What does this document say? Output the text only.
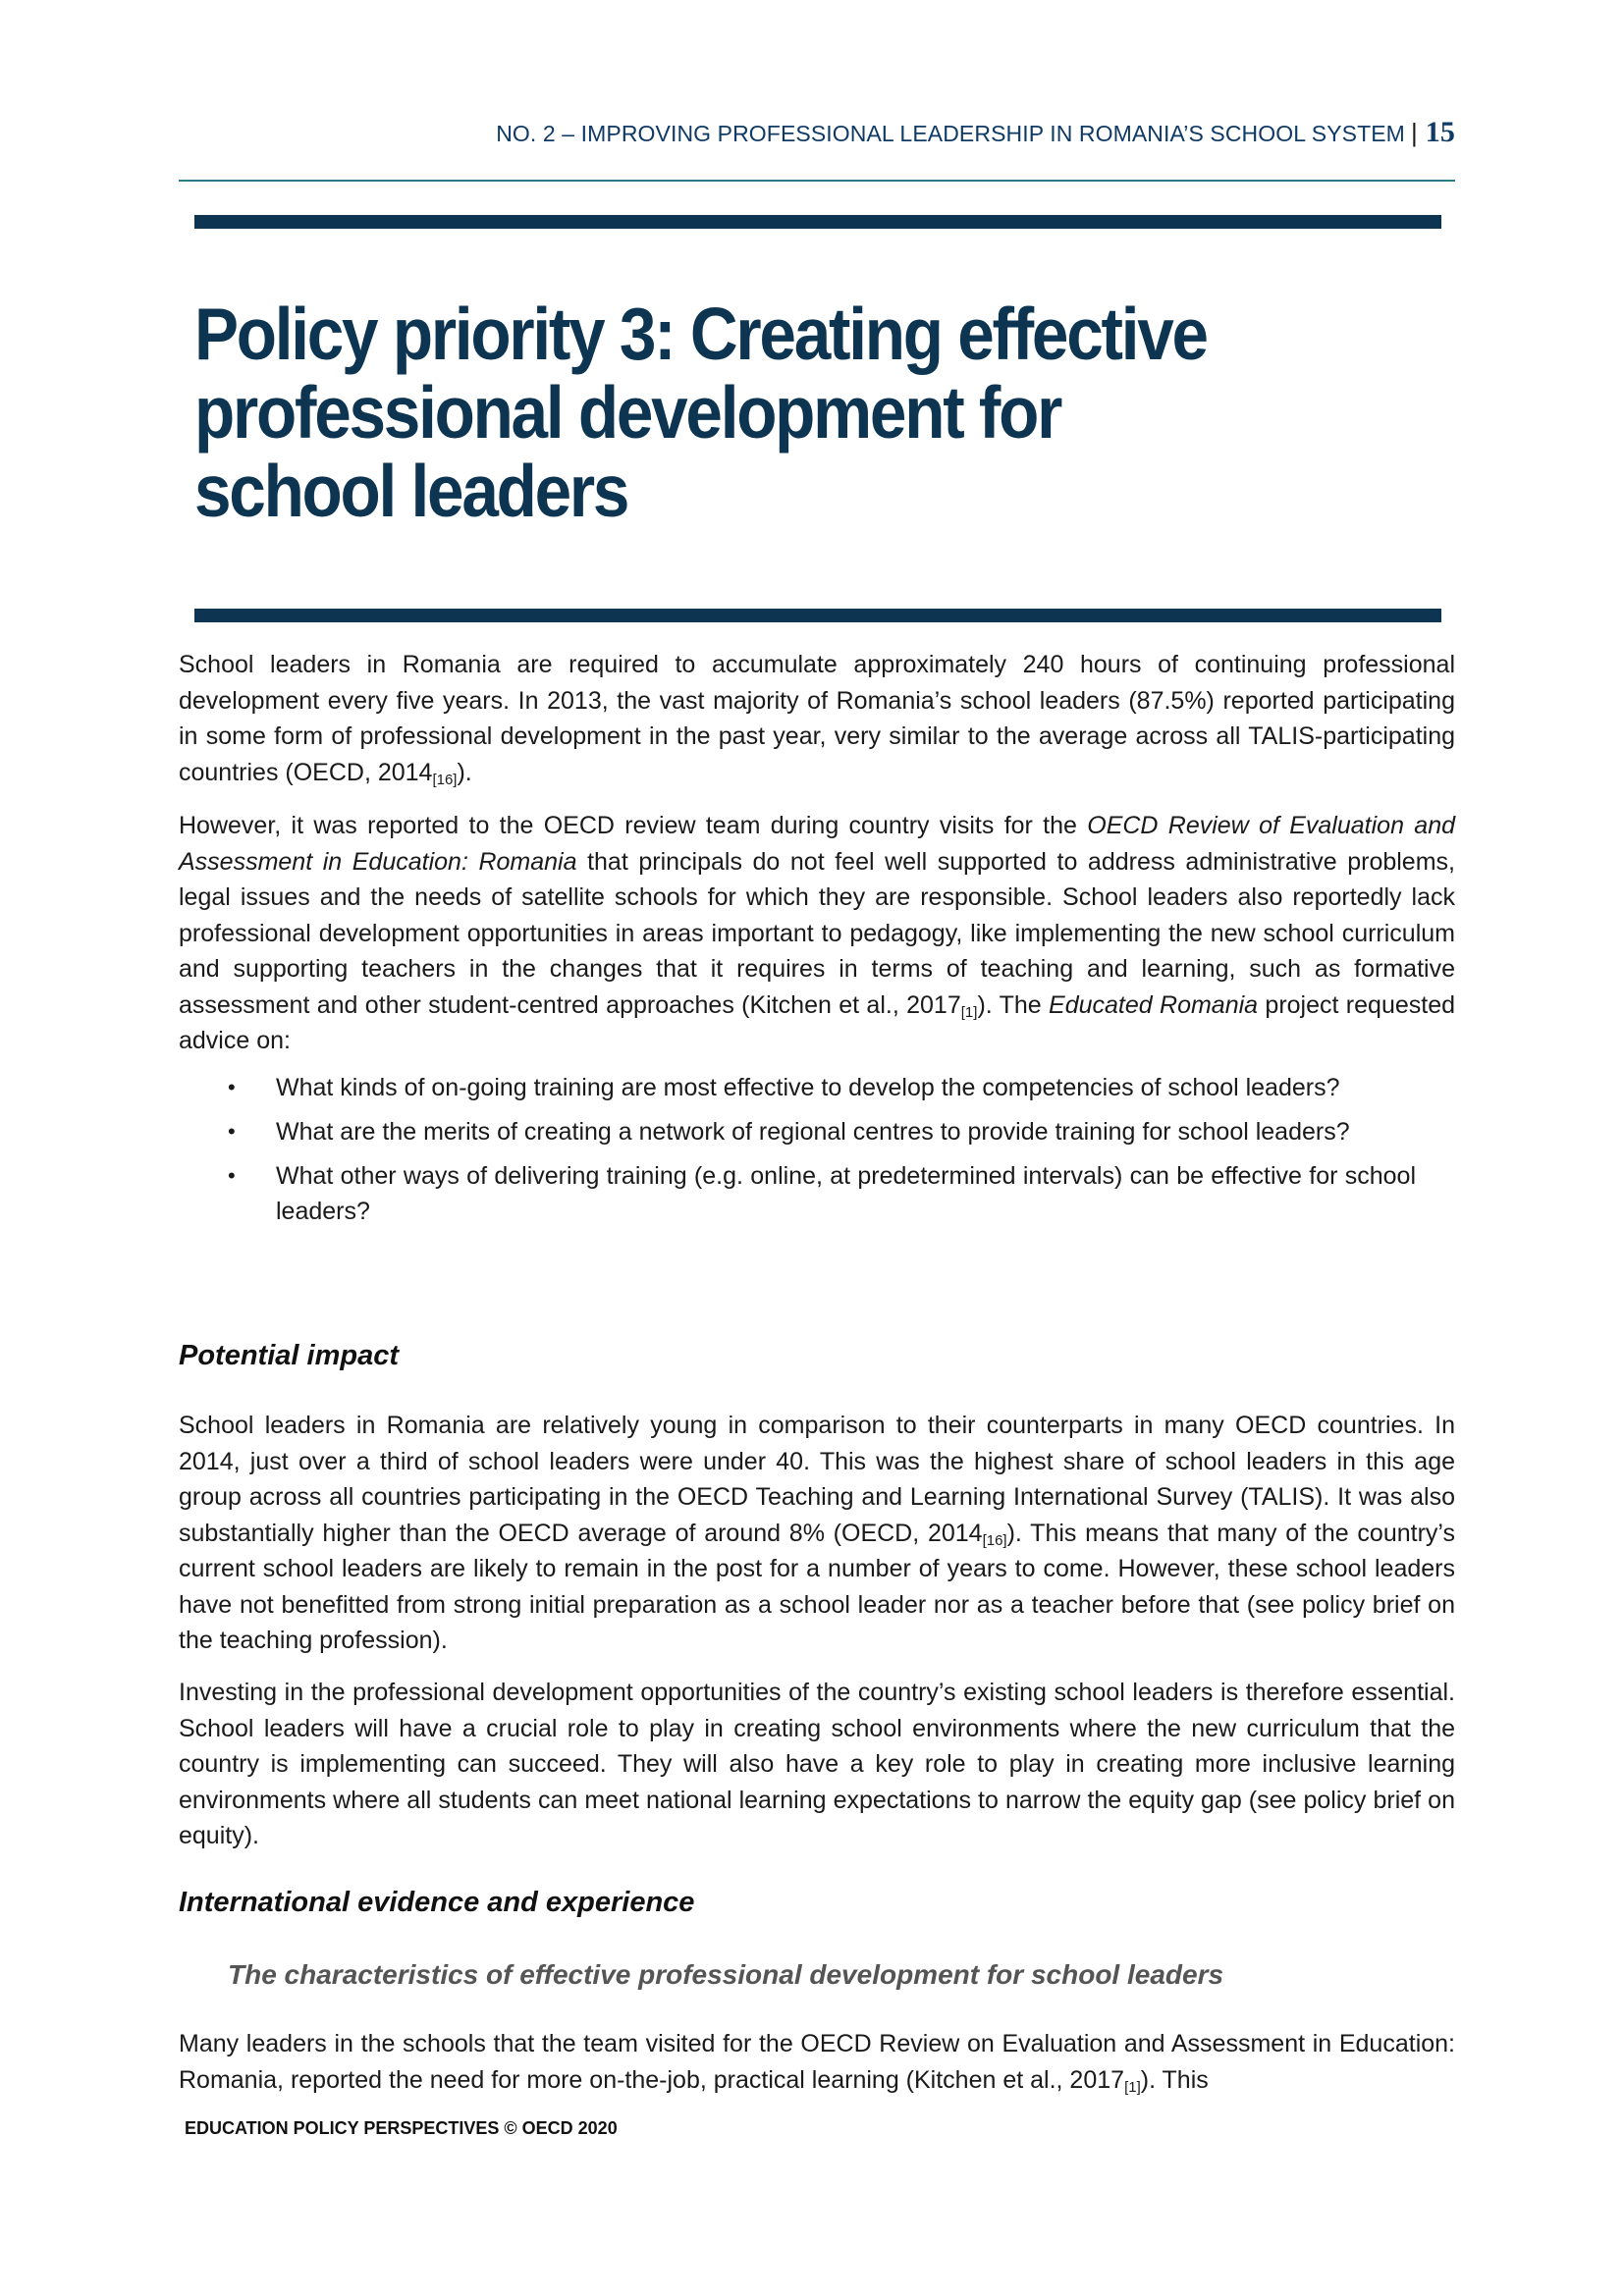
NO. 2 – IMPROVING PROFESSIONAL LEADERSHIP IN ROMANIA’S SCHOOL SYSTEM | 15
Policy priority 3: Creating effective professional development for school leaders

School leaders in Romania are required to accumulate approximately 240 hours of continuing professional development every five years. In 2013, the vast majority of Romania’s school leaders (87.5%) reported participating in some form of professional development in the past year, very similar to the average across all TALIS-participating countries (OECD, $2014_{[16]}$).

However, it was reported to the OECD review team during country visits for the OECD Review of Evaluation and Assessment in Education: Romania that principals do not feel well supported to address administrative problems, legal issues and the needs of satellite schools for which they are responsible. School leaders also reportedly lack professional development opportunities in areas important to pedagogy, like implementing the new school curriculum and supporting teachers in the changes that it requires in terms of teaching and learning, such as formative assessment and other student-centred approaches (Kitchen et al., $2017_{[1]}$). The Educated Romania project requested advice on:

• What kinds of on-going training are most effective to develop the competencies of school leaders?
• What are the merits of creating a network of regional centres to provide training for school leaders?
• What other ways of delivering training (e.g. online, at predetermined intervals) can be effective for school leaders?
Potential impact

School leaders in Romania are relatively young in comparison to their counterparts in many OECD countries. In 2014, just over a third of school leaders were under 40. This was the highest share of school leaders in this age group across all countries participating in the OECD Teaching and Learning International Survey (TALIS). It was also substantially higher than the OECD average of around 8% (OECD, $2014_{[16]}$). This means that many of the country’s current school leaders are likely to remain in the post for a number of years to come. However, these school leaders have not benefitted from strong initial preparation as a school leader nor as a teacher before that (see policy brief on the teaching profession).

Investing in the professional development opportunities of the country’s existing school leaders is therefore essential. School leaders will have a crucial role to play in creating school environments where the new curriculum that the country is implementing can succeed. They will also have a key role to play in creating more inclusive learning environments where all students can meet national learning expectations to narrow the equity gap (see policy brief on equity).

International evidence and experience
The characteristics of effective professional development for school leaders

Many leaders in the schools that the team visited for the OECD Review on Evaluation and Assessment in Education: Romania, reported the need for more on-the-job, practical learning (Kitchen et al., $2017_{[1]}$). This

EDUCATION POLICY PERSPECTIVES © OECD 2020
